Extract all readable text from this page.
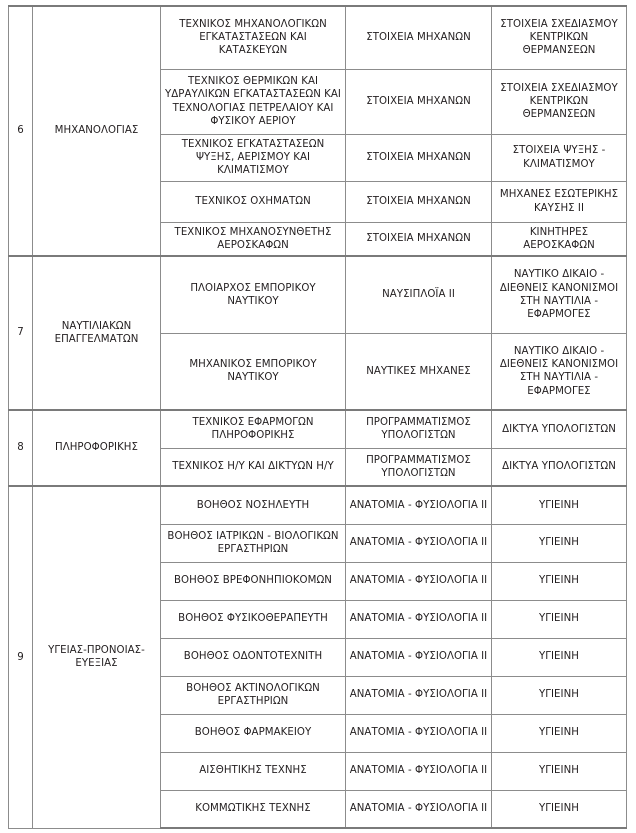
6	ΜΗΧΑΝΟΛΟΓΙΑΣ	ΤΕΧΝΙΚΟΣ ΜΗΧΑΝΟΛΟΓΙΚΩΝ ΕΓΚΑΤΑΣΤΑΣΕΩΝ ΚΑΙ ΚΑΤΑΣΚΕΥΩΝ	ΣΤΟΙΧΕΙΑ ΜΗΧΑΝΩΝ	ΣΤΟΙΧΕΙΑ ΣΧΕΔΙΑΣΜΟΥ ΚΕΝΤΡΙΚΩΝ ΘΕΡΜΑΝΣΕΩΝ
		ΤΕΧΝΙΚΟΣ ΘΕΡΜΙΚΩΝ ΚΑΙ ΥΔΡΑΥΛΙΚΩΝ ΕΓΚΑΤΑΣΤΑΣΕΩΝ ΚΑΙ ΤΕΧΝΟΛΟΓΙΑΣ ΠΕΤΡΕΛΑΙΟΥ ΚΑΙ ΦΥΣΙΚΟΥ ΑΕΡΙΟΥ	ΣΤΟΙΧΕΙΑ ΜΗΧΑΝΩΝ	ΣΤΟΙΧΕΙΑ ΣΧΕΔΙΑΣΜΟΥ ΚΕΝΤΡΙΚΩΝ ΘΕΡΜΑΝΣΕΩΝ
		ΤΕΧΝΙΚΟΣ ΕΓΚΑΤΑΣΤΑΣΕΩΝ ΨΥΞΗΣ, ΑΕΡΙΣΜΟΥ ΚΑΙ ΚΛΙΜΑΤΙΣΜΟΥ	ΣΤΟΙΧΕΙΑ ΜΗΧΑΝΩΝ	ΣΤΟΙΧΕΙΑ ΨΥΞΗΣ - ΚΛΙΜΑΤΙΣΜΟΥ
		ΤΕΧΝΙΚΟΣ ΟΧΗΜΑΤΩΝ	ΣΤΟΙΧΕΙΑ ΜΗΧΑΝΩΝ	ΜΗΧΑΝΕΣ ΕΣΩΤΕΡΙΚΗΣ ΚΑΥΣΗΣ ΙΙ
		ΤΕΧΝΙΚΟΣ ΜΗΧΑΝΟΣΥΝΘΕΤΗΣ ΑΕΡΟΣΚΑΦΩΝ	ΣΤΟΙΧΕΙΑ ΜΗΧΑΝΩΝ	ΚΙΝΗΤΗΡΕΣ ΑΕΡΟΣΚΑΦΩΝ
7	ΝΑΥΤΙΛΙΑΚΩΝ ΕΠΑΓΓΕΛΜΑΤΩΝ	ΠΛΟΙΑΡΧΟΣ ΕΜΠΟΡΙΚΟΥ ΝΑΥΤΙΚΟΥ	ΝΑΥΣΙΠΛΟΪΑ ΙΙ	ΝΑΥΤΙΚΟ ΔΙΚΑΙΟ - ΔΙΕΘΝΕΙΣ ΚΑΝΟΝΙΣΜΟΙ ΣΤΗ ΝΑΥΤΙΛΙΑ - ΕΦΑΡΜΟΓΕΣ
		ΜΗΧΑΝΙΚΟΣ ΕΜΠΟΡΙΚΟΥ ΝΑΥΤΙΚΟΥ	ΝΑΥΤΙΚΕΣ ΜΗΧΑΝΕΣ	ΝΑΥΤΙΚΟ ΔΙΚΑΙΟ - ΔΙΕΘΝΕΙΣ ΚΑΝΟΝΙΣΜΟΙ ΣΤΗ ΝΑΥΤΙΛΙΑ - ΕΦΑΡΜΟΓΕΣ
8	ΠΛΗΡΟΦΟΡΙΚΗΣ	ΤΕΧΝΙΚΟΣ ΕΦΑΡΜΟΓΩΝ ΠΛΗΡΟΦΟΡΙΚΗΣ	ΠΡΟΓΡΑΜΜΑΤΙΣΜΟΣ ΥΠΟΛΟΓΙΣΤΩΝ	ΔΙΚΤΥΑ ΥΠΟΛΟΓΙΣΤΩΝ
		ΤΕΧΝΙΚΟΣ Η/Υ ΚΑΙ ΔΙΚΤΥΩΝ Η/Υ	ΠΡΟΓΡΑΜΜΑΤΙΣΜΟΣ ΥΠΟΛΟΓΙΣΤΩΝ	ΔΙΚΤΥΑ ΥΠΟΛΟΓΙΣΤΩΝ
9	ΥΓΕΙΑΣ-ΠΡΟΝΟΙΑΣ-ΕΥΕΞΙΑΣ	ΒΟΗΘΟΣ ΝΟΣΗΛΕΥΤΗ	ΑΝΑΤΟΜΙΑ - ΦΥΣΙΟΛΟΓΙΑ ΙΙ	ΥΓΙΕΙΝΗ
		ΒΟΗΘΟΣ ΙΑΤΡΙΚΩΝ - ΒΙΟΛΟΓΙΚΩΝ ΕΡΓΑΣΤΗΡΙΩΝ	ΑΝΑΤΟΜΙΑ - ΦΥΣΙΟΛΟΓΙΑ ΙΙ	ΥΓΙΕΙΝΗ
		ΒΟΗΘΟΣ ΒΡΕΦΟΝΗΠΙΟΚΟΜΩΝ	ΑΝΑΤΟΜΙΑ - ΦΥΣΙΟΛΟΓΙΑ ΙΙ	ΥΓΙΕΙΝΗ
		ΒΟΗΘΟΣ ΦΥΣΙΚΟΘΕΡΑΠΕΥΤΗ	ΑΝΑΤΟΜΙΑ - ΦΥΣΙΟΛΟΓΙΑ ΙΙ	ΥΓΙΕΙΝΗ
		ΒΟΗΘΟΣ ΟΔΟΝΤΟΤΕΧΝΙΤΗ	ΑΝΑΤΟΜΙΑ - ΦΥΣΙΟΛΟΓΙΑ ΙΙ	ΥΓΙΕΙΝΗ
		ΒΟΗΘΟΣ ΑΚΤΙΝΟΛΟΓΙΚΩΝ ΕΡΓΑΣΤΗΡΙΩΝ	ΑΝΑΤΟΜΙΑ - ΦΥΣΙΟΛΟΓΙΑ ΙΙ	ΥΓΙΕΙΝΗ
		ΒΟΗΘΟΣ ΦΑΡΜΑΚΕΙΟΥ	ΑΝΑΤΟΜΙΑ - ΦΥΣΙΟΛΟΓΙΑ ΙΙ	ΥΓΙΕΙΝΗ
		ΑΙΣΘΗΤΙΚΗΣ ΤΕΧΝΗΣ	ΑΝΑΤΟΜΙΑ - ΦΥΣΙΟΛΟΓΙΑ ΙΙ	ΥΓΙΕΙΝΗ
		ΚΟΜΜΩΤΙΚΗΣ ΤΕΧΝΗΣ	ΑΝΑΤΟΜΙΑ - ΦΥΣΙΟΛΟΓΙΑ ΙΙ	ΥΓΙΕΙΝΗ
